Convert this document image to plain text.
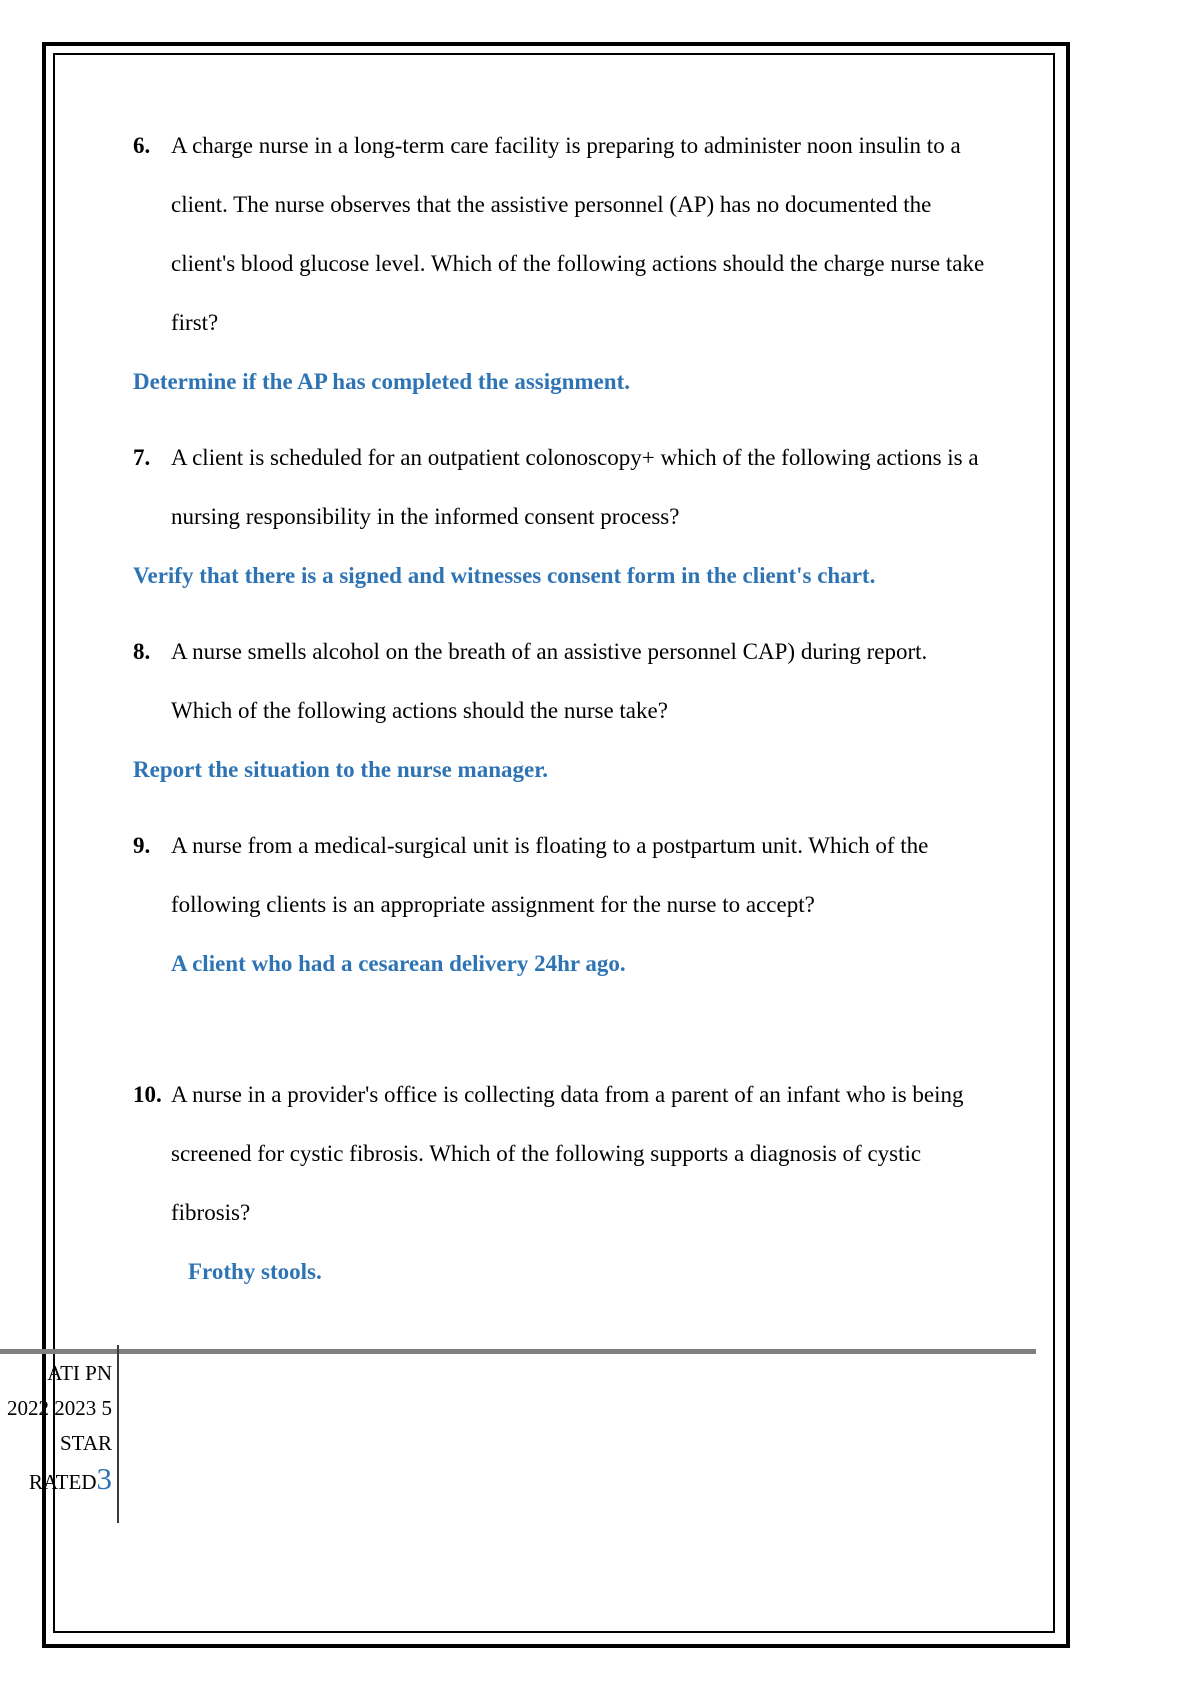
6. A charge nurse in a long-term care facility is preparing to administer noon insulin to a client. The nurse observes that the assistive personnel (AP) has no documented the client's blood glucose level. Which of the following actions should the charge nurse take first?

Determine if the AP has completed the assignment.

7. A client is scheduled for an outpatient colonoscopy+ which of the following actions is a nursing responsibility in the informed consent process?

Verify that there is a signed and witnesses consent form in the client's chart.

8. A nurse smells alcohol on the breath of an assistive personnel CAP) during report. Which of the following actions should the nurse take?

Report the situation to the nurse manager.

9. A nurse from a medical-surgical unit is floating to a postpartum unit. Which of the following clients is an appropriate assignment for the nurse to accept?

A client who had a cesarean delivery 24hr ago.

10. A nurse in a provider's office is collecting data from a parent of an infant who is being screened for cystic fibrosis. Which of the following supports a diagnosis of cystic fibrosis?

Frothy stools.

ATI PN
2022 2023 5
STAR
RATED3
